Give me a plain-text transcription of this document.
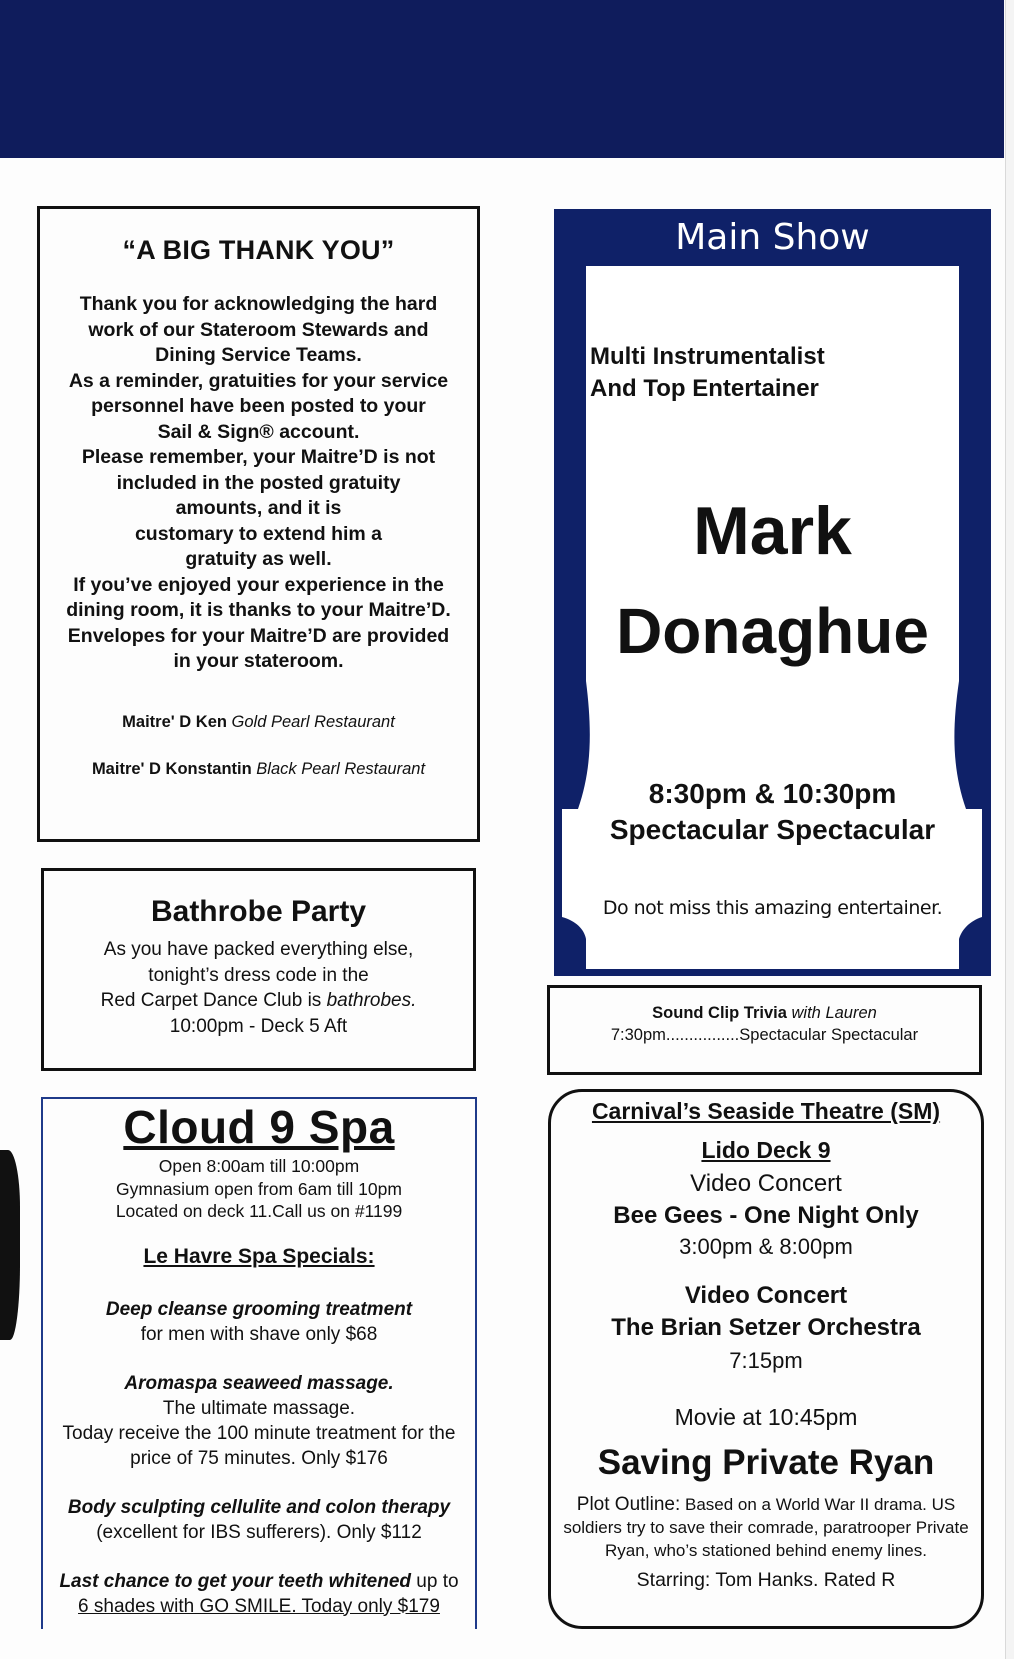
“A BIG THANK YOU”
Thank you for acknowledging the hard
work of our Stateroom Stewards and
Dining Service Teams.
As a reminder, gratuities for your service
personnel have been posted to your
Sail & Sign® account.
Please remember, your Maitre’D is not
included in the posted gratuity
amounts, and it is
customary to extend him a
gratuity as well.
If you’ve enjoyed your experience in the
dining room, it is thanks to your Maitre’D.
Envelopes for your Maitre’D are provided
in your stateroom.
Maitre' D Ken Gold Pearl Restaurant
Maitre' D Konstantin Black Pearl Restaurant
Bathrobe Party
As you have packed everything else,
tonight’s dress code in the
Red Carpet Dance Club is bathrobes.
10:00pm - Deck 5 Aft
Cloud 9 Spa
Open 8:00am till 10:00pm
Gymnasium open from 6am till 10pm
Located on deck 11.Call us on #1199
Le Havre Spa Specials:
Deep cleanse grooming treatment
for men with shave only $68
Aromaspa seaweed massage.
The ultimate massage.
Today receive the 100 minute treatment for the
price of 75 minutes. Only $176
Body sculpting cellulite and colon therapy
(excellent for IBS sufferers). Only $112
Last chance to get your teeth whitened up to
6 shades with GO SMILE. Today only $179
Main Show
Multi Instrumentalist
And Top Entertainer
Mark
Donaghue
8:30pm & 10:30pm
Spectacular Spectacular
Do not miss this amazing entertainer.
Sound Clip Trivia with Lauren
7:30pm................Spectacular Spectacular
Carnival’s Seaside Theatre (SM)
Lido Deck 9
Video Concert
Bee Gees - One Night Only
3:00pm & 8:00pm
Video Concert
The Brian Setzer Orchestra
7:15pm
Movie at 10:45pm
Saving Private Ryan
Plot Outline: Based on a World War II drama. US soldiers try to save their comrade, paratrooper Private Ryan, who’s stationed behind enemy lines.
Starring: Tom Hanks. Rated R
